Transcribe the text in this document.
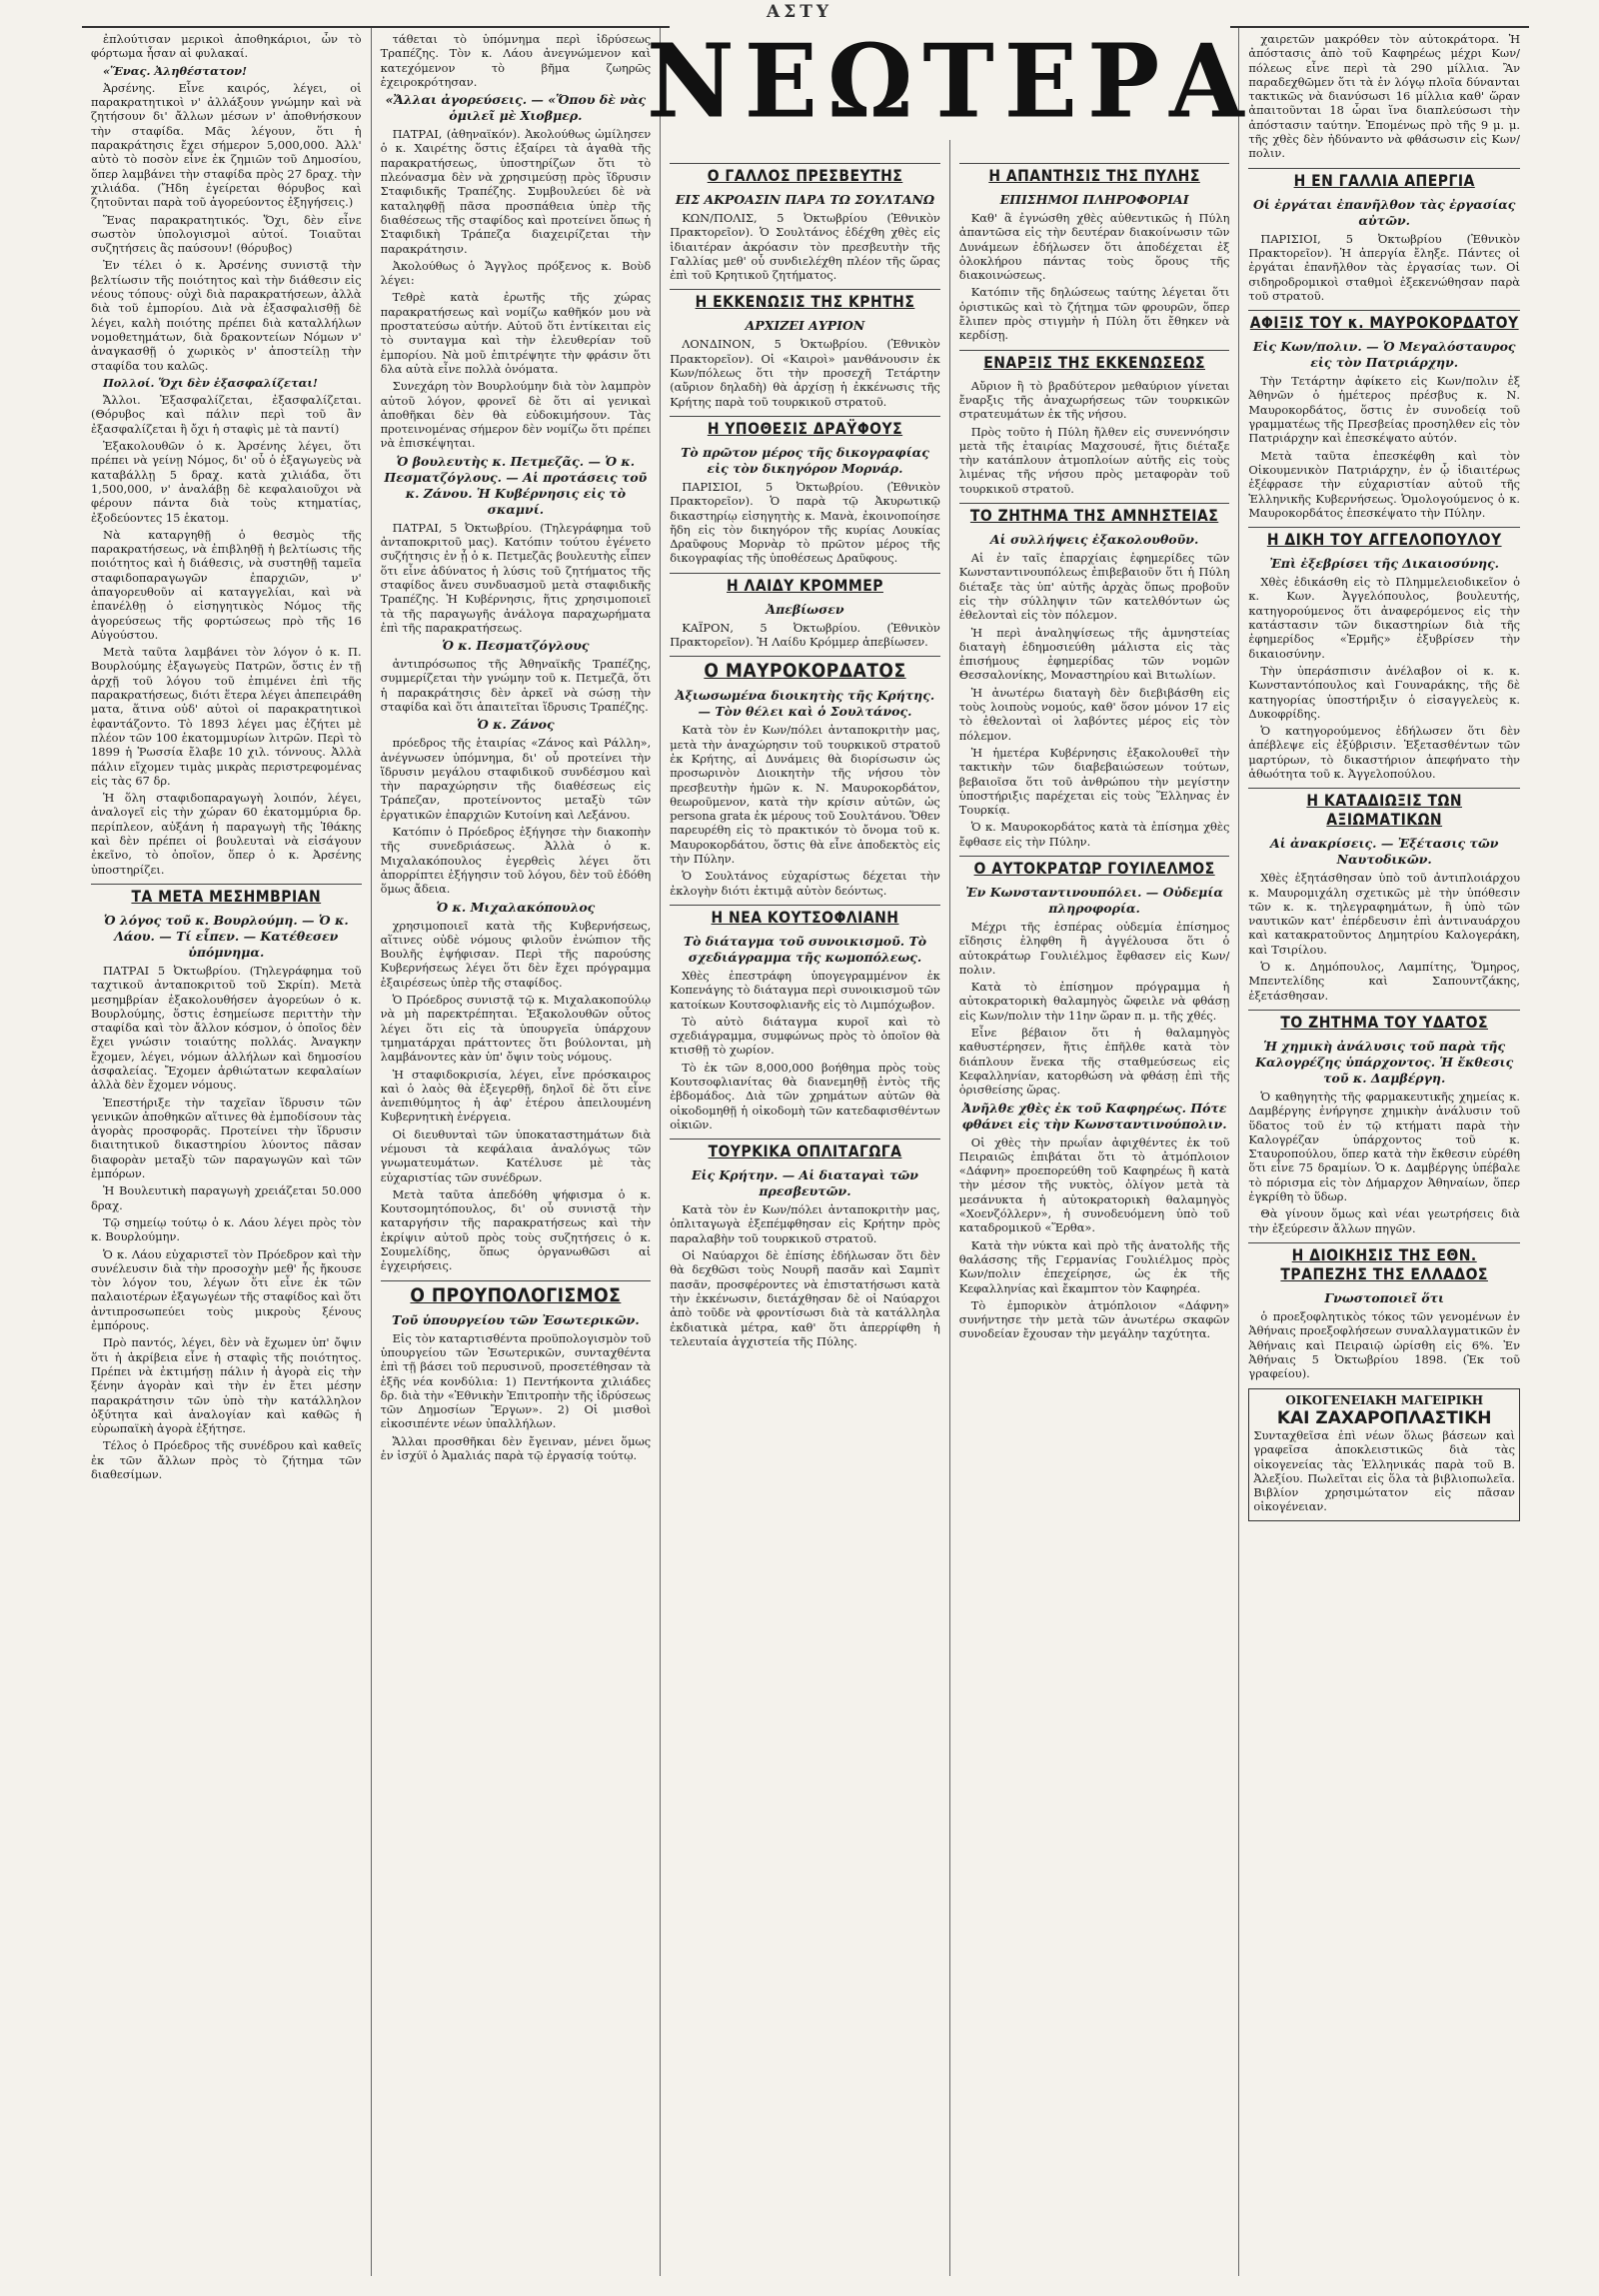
ΑΣΤΥ

ἐπλούτισαν μερικοὶ ἀποθηκάριοι, ὧν τὸ φόρτωμα ἦσαν αἱ φυλακαί.

«Ἕνας. Ἀληθέστατον!

Ἀρσένης. Εἶνε καιρός, λέγει, οἱ παρακρατητικοὶ ν' ἀλλάξουν γνώμην καὶ νὰ ζητήσουν δι' ἄλλων μέσων ν' ἀποθνήσκουν τὴν σταφίδα. Μᾶς λέγουν, ὅτι ἡ παρακράτησις ἔχει σήμερον 5,000,000. Ἀλλ' αὐτὸ τὸ ποσὸν εἶνε ἐκ ζημιῶν τοῦ Δημοσίου, ὅπερ λαμβάνει τὴν σταφίδα πρὸς 27 δραχ. τὴν χιλιάδα. (Ἤδη ἐγείρεται θόρυβος καὶ ζητοῦνται παρὰ τοῦ ἀγορεύοντος ἐξηγήσεις.)

Ἕνας παρακρατητικός. Ὅχι, δὲν εἶνε σωστὸν ὑπολογισμοὶ αὐτοί. Τοιαῦται συζητήσεις ἂς παύσουν! (θόρυβος)

Ἐν τέλει ὁ κ. Ἀρσένης συνιστᾷ τὴν βελτίωσιν τῆς ποιότητος καὶ τὴν διάθεσιν εἰς νέους τόπους· οὐχὶ διὰ παρακρατήσεων, ἀλλὰ διὰ τοῦ ἐμπορίου. Διὰ νὰ ἐξασφαλισθῇ δὲ λέγει, καλὴ ποιότης πρέπει διὰ καταλλήλων νομοθετημάτων, διὰ δρακοντείων Νόμων ν' ἀναγκασθῇ ὁ χωρικὸς ν' ἀποστείλῃ τὴν σταφίδα του καλῶς.

Πολλοί. Ὅχι δὲν ἐξασφαλίζεται!

Ἄλλοι. Ἐξασφαλίζεται, ἐξασφαλίζεται. (Θόρυβος καὶ πάλιν περὶ τοῦ ἂν ἐξασφαλίζεται ἢ ὄχι ἡ σταφὶς μὲ τὰ παντί)

Ἐξακολουθῶν ὁ κ. Ἀρσένης λέγει, ὅτι πρέπει νὰ γείνῃ Νόμος, δι' οὗ ὁ ἐξαγωγεὺς νὰ καταβάλλῃ 5 δραχ. κατὰ χιλιάδα, ὅτι 1,500,000, ν' ἀναλάβῃ δὲ κεφαλαιοῦχοι νὰ φέρουν πάντα διὰ τοὺς κτηματίας, ἐξοδεύοντες 15 ἑκατομ.

Νὰ καταργηθῇ ὁ θεσμὸς τῆς παρακρατήσεως, νὰ ἐπιβληθῇ ἡ βελτίωσις τῆς ποιότητος καὶ ἡ διάθεσις, νὰ συστηθῇ ταμεῖα σταφιδοπαραγωγῶν ἐπαρχιῶν, ν' ἀπαγορευθοῦν αἱ καταγγελίαι, καὶ νὰ ἐπανέλθῃ ὁ εἰσηγητικὸς Νόμος τῆς ἀγορεύσεως τῆς φορτώσεως πρὸ τῆς 16 Αὐγούστου.

Μετὰ ταῦτα λαμβάνει τὸν λόγον ὁ κ. Π. Βουρλούμης ἐξαγωγεὺς Πατρῶν, ὅστις ἐν τῇ ἀρχῇ τοῦ λόγου τοῦ ἐπιμένει ἐπὶ τῆς παρακρατήσεως, διότι ἕτερα λέγει ἀπεπειράθη ματα, ἅτινα οὐδ' αὐτοὶ οἱ παρακρατητικοὶ ἐφαντάζοντο. Τὸ 1893 λέγει μας ἐζήτει μὲ πλέον τῶν 100 ἑκατομμυρίων λιτρῶν. Περὶ τὸ 1899 ἡ Ῥωσσία ἔλαβε 10 χιλ. τόννους. Ἀλλὰ πάλιν εἴχομεν τιμὰς μικρὰς περιστρεφομένας εἰς τὰς 67 δρ.

Ἡ ὅλη σταφιδοπαραγωγὴ λοιπόν, λέγει, ἀναλογεῖ εἰς τὴν χώραν 60 ἑκατομμύρια δρ. περίπλεον, αὐξάνη ἡ παραγωγὴ τῆς Ἰθάκης καὶ δὲν πρέπει οἱ βουλευταὶ νὰ εἰσάγουν ἐκεῖνο, τὸ ὁποῖον, ὅπερ ὁ κ. Ἀρσένης ὑποστηρίζει.

ΤΑ ΜΕΤΑ ΜΕΣΗΜΒΡΙΑΝ
Ὁ λόγος τοῦ κ. Βουρλούμη. — Ὁ κ. Λάου. — Τί εἶπεν. — Κατέθεσεν ὑπόμνημα.

ΠΑΤΡΑΙ 5 Ὀκτωβρίου. (Τηλεγράφημα τοῦ ταχτικοῦ ἀνταποκριτοῦ τοῦ Σκρίπ). Μετὰ μεσημβρίαν ἐξακολουθήσεν ἀγορεύων ὁ κ. Βουρλούμης, ὅστις ἐσημείωσε περιττὴν τὴν σταφίδα καὶ τὸν ἄλλον κόσμον, ὁ ὁποῖος δὲν ἔχει γνώσιν τοιαύτης πολλάς. Ἀναγκην ἔχομεν, λέγει, νόμων ἀλλήλων καὶ δημοσίου ἀσφαλείας. Ἔχομεν ἀρθιώτατων κεφαλαίων ἀλλὰ δὲν ἔχομεν νόμους.

Ἐπεστήριξε τὴν ταχεῖαν ἵδρυσιν τῶν γενικῶν ἀποθηκῶν αἵτινες θὰ ἐμποδίσουν τὰς ἀγορὰς προσφορᾶς. Προτείνει τὴν ἵδρυσιν διαιτητικοῦ δικαστηρίου λύοντος πᾶσαν διαφορὰν μεταξὺ τῶν παραγωγῶν καὶ τῶν ἐμπόρων.

Ἡ Βουλευτικὴ παραγωγὴ χρειάζεται 50.000 δραχ.

Τῷ σημείῳ τούτῳ ὁ κ. Λάου λέγει πρὸς τὸν κ. Βουρλούμην.

Ὁ κ. Λάου εὐχαριστεῖ τὸν Πρόεδρον καὶ τὴν συνέλευσιν διὰ τὴν προσοχὴν μεθ' ἧς ἤκουσε τὸν λόγον του, λέγων ὅτι εἶνε ἐκ τῶν παλαιοτέρων ἐξαγωγέων τῆς σταφίδος καὶ ὅτι ἀντιπροσωπεύει τοὺς μικροὺς ξένους ἐμπόρους.

Πρὸ παντός, λέγει, δὲν νὰ ἔχωμεν ὑπ' ὄψιν ὅτι ἡ ἀκρίβεια εἶνε ἡ σταφὶς τῆς ποιότητος. Πρέπει νὰ ἐκτιμήσῃ πάλιν ἡ ἀγορὰ εἰς τὴν ξένην ἀγορὰν καὶ τὴν ἐν ἔτει μέσην παρακράτησιν τῶν ὑπὸ τὴν κατάλληλον ὀξύτητα καὶ ἀναλογίαν καὶ καθῶς ἡ εὐρωπαϊκὴ ἀγορὰ ἐξήτησε.

Τέλος ὁ Πρόεδρος τῆς συνέδρου καὶ καθεῖς ἐκ τῶν ἄλλων πρὸς τὸ ζήτημα τῶν διαθεσίμων.

τάθεται τὸ ὑπόμνημα περὶ ἱδρύσεως Τραπέζης. Τὸν κ. Λάου ἀνεγνώμενον καὶ κατεχόμενον τὸ βῆμα ζωηρῶς ἐχειροκρότησαν.

«Ἄλλαι ἀγορεύσεις. — «Ὅπου δὲ νὰς ὁμιλεῖ μὲ Χιοβμερ.

ΠΑΤΡΑΙ, (ἀθηναϊκόν). Ἀκολούθως ὡμίλησεν ὁ κ. Χαιρέτης ὅστις ἐξαίρει τὰ ἀγαθὰ τῆς παρακρατήσεως, ὑποστηρίζων ὅτι τὸ πλεόνασμα δὲν νὰ χρησιμεύσῃ πρὸς ἵδρυσιν Σταφιδικῆς Τραπέζης. Συμβουλεύει δὲ νὰ καταληφθῇ πᾶσα προσπάθεια ὑπὲρ τῆς διαθέσεως τῆς σταφίδος καὶ προτείνει ὅπως ἡ Σταφιδικὴ Τράπεζα διαχειρίζεται τὴν παρακράτησιν.

Ἀκολούθως ὁ Ἄγγλος πρόξενος κ. Βοὺδ λέγει:

Τεθρὲ κατὰ ἐρωτῆς τῆς χώρας παρακρατήσεως καὶ νομίζω καθῆκόν μου νὰ προστατεύσω αὐτήν. Αὐτοῦ ὅτι ἐντίκειται εἰς τὸ συνταγμα καὶ τὴν ἐλευθερίαν τοῦ ἐμπορίου. Νὰ μοῦ ἐπιτρέψητε τὴν φράσιν ὅτι δλα αὐτὰ εἶνε πολλὰ ὀνόματα.

Συνεχάρη τὸν Βουρλούμην διὰ τὸν λαμπρὸν αὐτοῦ λόγον, φρονεῖ δὲ ὅτι αἱ γενικαὶ ἀποθῆκαι δὲν θὰ εὐδοκιμήσουν. Τὰς προτεινομένας σήμερον δὲν νομίζω ὅτι πρέπει νὰ ἐπισκέψηται.

Ὁ βουλευτὴς κ. Πετμεζᾶς. — Ὁ κ. Πεσματζόγλους. — Αἱ προτάσεις τοῦ κ. Ζάνου. Ἡ Κυβέρνησις εἰς τὸ σκαμνί.

ΠΑΤΡΑΙ, 5 Ὀκτωβρίου. (Τηλεγράφημα τοῦ ἀνταποκριτοῦ μας). Κατόπιν τούτου ἐγένετο συζήτησις ἐν ᾗ ὁ κ. Πετμεζᾶς βουλευτὴς εἶπεν ὅτι εἶνε ἀδύνατος ἡ λύσις τοῦ ζητήματος τῆς σταφίδος ἄνευ συνδυασμοῦ μετὰ σταφιδικῆς Τραπέζης. Ἡ Κυβέρνησις, ἥτις χρησιμοποιεῖ τὰ τῆς παραγωγῆς ἀνάλογα παραχωρήματα ἐπὶ τῆς παρακρατήσεως.

Ὁ κ. Πεσματζόγλους

ἀντιπρόσωπος τῆς Ἀθηναϊκῆς Τραπέζης, συμμερίζεται τὴν γνώμην τοῦ κ. Πετμεζᾶ, ὅτι ἡ παρακράτησις δὲν ἀρκεῖ νὰ σώσῃ τὴν σταφίδα καὶ ὅτι ἀπαιτεῖται ἵδρυσις Τραπέζης.

Ὁ κ. Ζάνος

πρόεδρος τῆς ἑταιρίας «Ζάνος καὶ Ράλλη», ἀνέγνωσεν ὑπόμνημα, δι' οὗ προτείνει τὴν ἵδρυσιν μεγάλου σταφιδικοῦ συνδέσμου καὶ τὴν παραχώρησιν τῆς διαθέσεως εἰς Τράπεζαν, προτείνοντος μεταξὺ τῶν ἐργατικῶν ἐπαρχιῶν Κυτοίνη καὶ Λεξάνου.

Κατόπιν ὁ Πρόεδρος ἐξήγησε τὴν διακοπὴν τῆς συνεδριάσεως. Ἀλλὰ ὁ κ. Μιχαλακόπουλος ἐγερθεὶς λέγει ὅτι ἀπορρίπτει ἐξήγησιν τοῦ λόγου, δὲν τοῦ ἐδόθη ὅμως ἄδεια.

Ὁ κ. Μιχαλακόπουλος

χρησιμοποιεῖ κατὰ τῆς Κυβερνήσεως, αἵτινες οὐδὲ νόμους φιλοῦν ἐνώπιον τῆς Βουλῆς ἐψήφισαν. Περὶ τῆς παρούσης Κυβερνήσεως λέγει ὅτι δὲν ἔχει πρόγραμμα ἐξαιρέσεως ὑπὲρ τῆς σταφίδος.

Ὁ Πρόεδρος συνιστᾷ τῷ κ. Μιχαλακοπούλῳ νὰ μὴ παρεκτρέπηται. Ἐξακολουθῶν οὗτος λέγει ὅτι εἰς τὰ ὑπουργεῖα ὑπάρχουν τμηματάρχαι πράττοντες ὅτι βούλονται, μὴ λαμβάνοντες κὰν ὑπ' ὄψιν τοὺς νόμους.

Ἡ σταφιδοκρισία, λέγει, εἶνε πρόσκαιρος καὶ ὁ λαὸς θὰ ἐξεγερθῇ, δηλοῖ δὲ ὅτι εἶνε ἀνεπιθύμητος ἡ ἀφ' ἑτέρου ἀπειλουμένη Κυβερνητικὴ ἐνέργεια.

Οἱ διευθυνταὶ τῶν ὑποκαταστημάτων διὰ νέμουσι τὰ κεφάλαια ἀναλόγως τῶν γνωματευμάτων. Κατέλυσε μὲ τὰς εὐχαριστίας τῶν συνέδρων.

Μετὰ ταῦτα ἀπεδόθη ψήφισμα ὁ κ. Κουτσομητόπουλος, δι' οὗ συνιστᾷ τὴν καταργήσιν τῆς παρακρατήσεως καὶ τὴν ἐκρίψιν αὐτοῦ πρὸς τοὺς συζητήσεις ὁ κ. Σουμελίδης, ὅπως ὀργανωθῶσι αἱ ἐγχειρήσεις.

Ο ΠΡΟΥΠΟΛΟΓΙΣΜΟΣ
Τοῦ ὑπουργείου τῶν Ἐσωτερικῶν.

Εἰς τὸν καταρτισθέντα προϋπολογισμὸν τοῦ ὑπουργείου τῶν Ἐσωτερικῶν, συνταχθέντα ἐπὶ τῇ βάσει τοῦ περυσινοῦ, προσετέθησαν τὰ ἑξῆς νέα κονδύλια: 1) Πεντήκοντα χιλιάδες δρ. διὰ τὴν «Ἐθνικὴν Ἐπιτροπὴν τῆς ἱδρύσεως τῶν Δημοσίων Ἔργων». 2) Οἱ μισθοὶ εἰκοσιπέντε νέων ὑπαλλήλων.

Ἄλλαι προσθῆκαι δὲν ἔγειναν, μένει ὅμως ἐν ἰσχύϊ ὁ Ἀμαλιάς παρὰ τῷ ἐργασίᾳ τούτῳ.

Ο ΓΑΛΛΟΣ ΠΡΕΣΒΕΥΤΗΣ
ΕΙΣ ΑΚΡΟΑΣΙΝ ΠΑΡΑ ΤΩ ΣΟΥΛΤΑΝΩ

ΚΩΝ/ΠΟΛΙΣ, 5 Ὀκτωβρίου (Ἐθνικὸν Πρακτορεῖον). Ὁ Σουλτάνος ἐδέχθη χθὲς εἰς ἰδιαιτέραν ἀκρόασιν τὸν πρεσβευτὴν τῆς Γαλλίας μεθ' οὗ συνδιελέχθη πλέον τῆς ὥρας ἐπὶ τοῦ Κρητικοῦ ζητήματος.

Η ΕΚΚΕΝΩΣΙΣ ΤΗΣ ΚΡΗΤΗΣ
ΑΡΧΙΖΕΙ ΑΥΡΙΟΝ

ΛΟΝΔΙΝΟΝ, 5 Ὀκτωβρίου. (Ἐθνικὸν Πρακτορεῖον). Οἱ «Καιροὶ» μανθάνουσιν ἐκ Κων/πόλεως ὅτι τὴν προσεχῆ Τετάρτην (αὔριον δηλαδὴ) θὰ ἀρχίσῃ ἡ ἐκκένωσις τῆς Κρήτης παρὰ τοῦ τουρκικοῦ στρατοῦ.

Η ΥΠΟΘΕΣΙΣ ΔΡΑΫΦΟΥΣ
Τὸ πρῶτον μέρος τῆς δικογραφίας εἰς τὸν δικηγόρον Μορνάρ.

ΠΑΡΙΣΙΟΙ, 5 Ὀκτωβρίου. (Ἐθνικὸν Πρακτορεῖον). Ὁ παρὰ τῷ Ἀκυρωτικῷ δικαστηρίῳ εἰσηγητὴς κ. Μανὰ, ἐκοινοποίησε ἤδη εἰς τὸν δικηγόρον τῆς κυρίας Λουκίας Δραῦφους Μορνὰρ τὸ πρῶτον μέρος τῆς δικογραφίας τῆς ὑποθέσεως Δραῦφους.

Η ΛΑΙΔΥ ΚΡΟΜΜΕΡ
Ἀπεβίωσεν

ΚΑΪΡΟΝ, 5 Ὀκτωβρίου. (Ἐθνικὸν Πρακτορεῖον). Ἡ Λαίδυ Κρόμμερ ἀπεβίωσεν.

Ο ΜΑΥΡΟΚΟΡΔΑΤΟΣ
Ἀξιωσωμένα διοικητὴς τῆς Κρήτης. — Τὸν θέλει καὶ ὁ Σουλτάνος.

Κατὰ τὸν ἐν Κων/πόλει ἀνταποκριτὴν μας, μετὰ τὴν ἀναχώρησιν τοῦ τουρκικοῦ στρατοῦ ἐκ Κρήτης, αἱ Δυνάμεις θὰ διορίσωσιν ὡς προσωρινὸν Διοικητὴν τῆς νήσου τὸν πρεσβευτὴν ἡμῶν κ. Ν. Μαυροκορδάτον, θεωροῦμενον, κατὰ τὴν κρίσιν αὐτῶν, ὡς persona grata ἐκ μέρους τοῦ Σουλτάνου. Ὅθεν παρευρέθη εἰς τὸ πρακτικόν τὸ ὄνομα τοῦ κ. Μαυροκορδάτου, ὅστις θὰ εἶνε ἀποδεκτὸς εἰς τὴν Πύλην.

Ὁ Σουλτάνος εὐχαρίστως δέχεται τὴν ἐκλογὴν διότι ἐκτιμᾷ αὐτὸν δεόντως.

Η ΝΕΑ ΚΟΥΤΣΟΦΛΙΑΝΗ
Τὸ διάταγμα τοῦ συνοικισμοῦ. Τὸ σχεδιάγραμμα τῆς κωμοπόλεως.

Χθὲς ἐπεστράφη ὑπογεγραμμένον ἐκ Κοπενάγης τὸ διάταγμα περὶ συνοικισμοῦ τῶν κατοίκων Κουτσοφλιανῆς εἰς τὸ Λιμπόχωβον.

Τὸ αὐτὸ διάταγμα κυροῖ καὶ τὸ σχεδιάγραμμα, συμφώνως πρὸς τὸ ὁποῖον θὰ κτισθῇ τὸ χωρίον.

Τὸ ἐκ τῶν 8,000,000 βοήθημα πρὸς τοὺς Κουτσοφλιανίτας θὰ διανεμηθῇ ἐντὸς τῆς ἑβδομάδος. Διὰ τῶν χρημάτων αὐτῶν θὰ οἰκοδομηθῇ ἡ οἰκοδομὴ τῶν κατεδαφισθέντων οἰκιῶν.

ΤΟΥΡΚΙΚΑ ΟΠΛΙΤΑΓΩΓΑ
Εἰς Κρήτην. — Αἱ διαταγαὶ τῶν πρεσβευτῶν.

Κατὰ τὸν ἐν Κων/πόλει ἀνταποκριτὴν μας, ὁπλιταγωγὰ ἐξεπέμφθησαν εἰς Κρήτην πρὸς παραλαβὴν τοῦ τουρκικοῦ στρατοῦ.

Οἱ Ναύαρχοι δὲ ἐπίσης ἐδήλωσαν ὅτι δὲν θὰ δεχθῶσι τοὺς Νουρῆ πασᾶν καὶ Σαμπὶτ πασᾶν, προσφέροντες νὰ ἐπιστατήσωσι κατὰ τὴν ἐκκένωσιν, διετάχθησαν δὲ οἱ Ναύαρχοι ἀπὸ τοῦδε νὰ φροντίσωσι διὰ τὰ κατάλληλα ἐκδιατικὰ μέτρα, καθ' ὅτι ἀπερρίφθη ἡ τελευταία ἀγχιστεία τῆς Πύλης.

Η ΑΠΑΝΤΗΣΙΣ ΤΗΣ ΠΥΛΗΣ
ΕΠΙΣΗΜΟΙ ΠΛΗΡΟΦΟΡΙΑΙ

Καθ' ἃ ἐγνώσθη χθὲς αὐθεντικῶς ἡ Πύλη ἀπαντῶσα εἰς τὴν δευτέραν διακοίνωσιν τῶν Δυνάμεων ἐδήλωσεν ὅτι ἀποδέχεται ἐξ ὁλοκλήρου πάντας τοὺς ὅρους τῆς διακοινώσεως.

Κατόπιν τῆς δηλώσεως ταύτης λέγεται ὅτι ὁριστικῶς καὶ τὸ ζήτημα τῶν φρουρῶν, ὅπερ ἔλιπεν πρὸς στιγμὴν ἡ Πύλη ὅτι ἔθηκεν νὰ κερδίσῃ.

ΕΝΑΡΞΙΣ ΤΗΣ ΕΚΚΕΝΩΣΕΩΣ

Αὔριον ἢ τὸ βραδύτερον μεθαύριον γίνεται ἔναρξις τῆς ἀναχωρήσεως τῶν τουρκικῶν στρατευμάτων ἐκ τῆς νήσου.

Πρὸς τοῦτο ἡ Πύλη ἤλθεν εἰς συνεννόησιν μετὰ τῆς ἑταιρίας Μαχσουσέ, ἥτις διέταξε τὴν κατάπλουν ἀτμοπλοίων αὐτῆς εἰς τοὺς λιμένας τῆς νήσου πρὸς μεταφορὰν τοῦ τουρκικοῦ στρατοῦ.

ΤΟ ΖΗΤΗΜΑ ΤΗΣ ΑΜΝΗΣΤΕΙΑΣ
Αἱ συλλήψεις ἐξακολουθοῦν.

Αἱ ἐν ταῖς ἐπαρχίαις ἐφημερίδες τῶν Κωνσταντινουπόλεως ἐπιβεβαιοῦν ὅτι ἡ Πύλη διέταξε τὰς ὑπ' αὐτῆς ἀρχὰς ὅπως προβοῦν εἰς τὴν σύλληψιν τῶν κατελθόντων ὡς ἐθελονταὶ εἰς τὸν πόλεμον.

Ἡ περὶ ἀναληψίσεως τῆς ἀμνηστείας διαταγὴ ἐδημοσιεύθη μάλιστα εἰς τὰς ἐπισήμους ἐφημερίδας τῶν νομῶν Θεσσαλονίκης, Μοναστηρίου καὶ Βιτωλίων.

Ἡ ἀνωτέρω διαταγὴ δὲν διεβιβάσθη εἰς τοὺς λοιποὺς νομούς, καθ' ὅσον μόνον 17 εἰς τὸ ἐθελονταὶ οἱ λαβόντες μέρος εἰς τὸν πόλεμον.

Ἡ ἡμετέρα Κυβέρνησις ἐξακολουθεῖ τὴν τακτικὴν τῶν διαβεβαιώσεων τούτων, βεβαιοῖσα ὅτι τοῦ ἀνθρώπου τὴν μεγίστην ὑποστήριξις παρέχεται εἰς τοὺς Ἕλληνας ἐν Τουρκίᾳ.

Ὁ κ. Μαυροκορδάτος κατὰ τὰ ἐπίσημα χθὲς ἔφθασε εἰς τὴν Πύλην.

Ο ΑΥΤΟΚΡΑΤΩΡ ΓΟΥΙΛΕΛΜΟΣ
Ἐν Κωνσταντινουπόλει. — Οὐδεμία πληροφορία.

Μέχρι τῆς ἑσπέρας οὐδεμία ἐπίσημος εἴδησις ἐληφθη ἢ ἀγγέλουσα ὅτι ὁ αὐτοκράτωρ Γουλιέλμος ἔφθασεν εἰς Κων/πολιν.

Κατὰ τὸ ἐπίσημον πρόγραμμα ἡ αὐτοκρατορικὴ θαλαμηγὸς ὤφειλε νὰ φθάσῃ εἰς Κων/πολιν τὴν 11ην ὥραν π. μ. τῆς χθές.

Εἶνε βέβαιον ὅτι ἡ θαλαμηγὸς καθυστέρησεν, ἥτις ἐπῆλθε κατὰ τὸν διάπλουν ἕνεκα τῆς σταθμεύσεως εἰς Κεφαλληνίαν, κατορθώση νὰ φθάσῃ ἐπὶ τῆς ὁρισθείσης ὥρας.

Ἀνῆλθε χθὲς ἐκ τοῦ Καφηρέως. Πότε φθάνει εἰς τὴν Κωνσταντινούπολιν.

Οἱ χθὲς τὴν πρωΐαν ἀφιχθέντες ἐκ τοῦ Πειραιῶς ἐπιβάται ὅτι τὸ ἀτμόπλοιον «Δάφνη» προεπορεύθη τοῦ Καφηρέως ἢ κατὰ τὴν μέσον τῆς νυκτὸς, ὀλίγον μετὰ τὰ μεσάνυκτα ἡ αὐτοκρατορικὴ θαλαμηγὸς «Χοενζόλλερν», ἡ συνοδευόμενη ὑπὸ τοῦ καταδρομικοῦ «Ἕρθα».

Κατὰ τὴν νύκτα καὶ πρὸ τῆς ἀνατολῆς τῆς θαλάσσης τῆς Γερμανίας Γουλιέλμος πρὸς Κων/πολιν ἐπεχείρησε, ὡς ἐκ τῆς Κεφαλληνίας καὶ ἔκαμπτον τὸν Καφηρέα.

Τὸ ἐμπορικὸν ἀτμόπλοιον «Δάφνη» συνήντησε τὴν μετὰ τῶν ἀνωτέρω σκαφῶν συνοδείαν ἔχουσαν τὴν μεγάλην ταχύτητα.

χαιρετῶν μακρόθεν τὸν αὐτοκράτορα. Ἡ ἀπόστασις ἀπὸ τοῦ Καφηρέως μέχρι Κων/πόλεως εἶνε περὶ τὰ 290 μίλλια. Ἂν παραδεχθῶμεν ὅτι τὰ ἐν λόγῳ πλοῖα δύνανται τακτικῶς νὰ διανύσωσι 16 μίλλια καθ' ὥραν ἀπαιτοῦνται 18 ὧραι ἵνα διαπλεύσωσι τὴν ἀπόστασιν ταύτην. Ἑπομένως πρὸ τῆς 9 μ. μ. τῆς χθὲς δὲν ἠδύναντο νὰ φθάσωσιν εἰς Κων/πολιν.

Η ΕΝ ΓΑΛΛΙΑ ΑΠΕΡΓΙΑ
Οἱ ἐργάται ἐπανῆλθον τὰς ἐργασίας αὐτῶν.

ΠΑΡΙΣΙΟΙ, 5 Ὀκτωβρίου (Ἐθνικὸν Πρακτορεῖον). Ἡ ἀπεργία ἔληξε. Πάντες οἱ ἐργάται ἐπανῆλθον τὰς ἐργασίας των. Οἱ σιδηροδρομικοὶ σταθμοὶ ἐξεκενώθησαν παρὰ τοῦ στρατοῦ.

ΑΦΙΞΙΣ ΤΟΥ κ. ΜΑΥΡΟΚΟΡΔΑΤΟΥ
Εἰς Κων/πολιν. — Ὁ Μεγαλόσταυρος εἰς τὸν Πατριάρχην.

Τὴν Τετάρτην ἀφίκετο εἰς Κων/πολιν ἐξ Ἀθηνῶν ὁ ἡμέτερος πρέσβυς κ. Ν. Μαυροκορδάτος, ὅστις ἐν συνοδείᾳ τοῦ γραμματέως τῆς Πρεσβείας προσηλθεν εἰς τὸν Πατριάρχην καὶ ἐπεσκέψατο αὐτόν.

Μετὰ ταῦτα ἐπεσκέφθη καὶ τὸν Οἰκουμενικὸν Πατριάρχην, ἐν ᾧ ἰδιαιτέρως ἐξέφρασε τὴν εὐχαριστίαν αὐτοῦ τῆς Ἑλληνικῆς Κυβερνήσεως. Ὁμολογούμενος ὁ κ. Μαυροκορδάτος ἐπεσκέψατο τὴν Πύλην.

Η ΔΙΚΗ ΤΟΥ ΑΓΓΕΛΟΠΟΥΛΟΥ
Ἐπὶ ἐξεβρίσει τῆς Δικαιοσύνης.

Χθὲς ἐδικάσθη εἰς τὸ Πλημμελειοδικεῖον ὁ κ. Κων. Ἀγγελόπουλος, βουλευτής, κατηγορούμενος ὅτι ἀναφερόμενος εἰς τὴν κατάστασιν τῶν δικαστηρίων διὰ τῆς ἐφημερίδος «Ἑρμῆς» ἐξυβρίσεν τὴν δικαιοσύνην.

Τὴν ὑπεράσπισιν ἀνέλαβον οἱ κ. κ. Κωνσταντόπουλος καὶ Γουναράκης, τῆς δὲ κατηγορίας ὑποστήριξιν ὁ εἰσαγγελεὺς κ. Δυκοφρίδης.

Ὁ κατηγορούμενος ἐδήλωσεν ὅτι δὲν ἀπέβλεψε εἰς ἐξύβρισιν. Ἐξετασθέντων τῶν μαρτύρων, τὸ δικαστήριον ἀπεφήνατο τὴν ἀθωότητα τοῦ κ. Ἀγγελοπούλου.

Η ΚΑΤΑΔΙΩΞΙΣ ΤΩΝ ΑΞΙΩΜΑΤΙΚΩΝ
Αἱ ἀνακρίσεις. — Ἐξέτασις τῶν Ναυτοδικῶν.

Χθὲς ἐξητάσθησαν ὑπὸ τοῦ ἀντιπλοιάρχου κ. Μαυρομιχάλη σχετικῶς μὲ τὴν ὑπόθεσιν τῶν κ. κ. τηλεγραφημάτων, ἢ ὑπὸ τῶν ναυτικῶν κατ' ἐπέρδευσιν ἐπὶ ἀντιναυάρχου καὶ κατακρατοῦντος Δημητρίου Καλογεράκη, καὶ Τσιρίλου.

Ὁ κ. Δημόπουλος, Λαμπίτης, Ὅμηρος, Μπεντελίδης καὶ Σαπουντζάκης, ἐξετάσθησαν.

ΤΟ ΖΗΤΗΜΑ ΤΟΥ ΥΔΑΤΟΣ
Ἡ χημικὴ ἀνάλυσις τοῦ παρὰ τῆς Καλογρέζης ὑπάρχοντος. Ἡ ἔκθεσις τοῦ κ. Δαμβέργη.

Ὁ καθηγητὴς τῆς φαρμακευτικῆς χημείας κ. Δαμβέργης ἐνήργησε χημικὴν ἀνάλυσιν τοῦ ὕδατος τοῦ ἐν τῷ κτήματι παρὰ τὴν Καλογρέζαν ὑπάρχοντος τοῦ κ. Σταυροπούλου, ὅπερ κατὰ τὴν ἔκθεσιν εὑρέθη ὅτι εἶνε 75 δραμίων. Ὁ κ. Δαμβέργης ὑπέβαλε τὸ πόρισμα εἰς τὸν Δήμαρχον Ἀθηναίων, ὅπερ ἐγκρίθη τὸ ὕδωρ.

Θὰ γίνουν ὅμως καὶ νέαι γεωτρήσεις διὰ τὴν ἐξεύρεσιν ἄλλων πηγῶν.

Η ΔΙΟΙΚΗΣΙΣ ΤΗΣ ΕΘΝ. ΤΡΑΠΕΖΗΣ ΤΗΣ ΕΛΛΑΔΟΣ
Γνωστοποιεῖ ὅτι

ὁ προεξοφλητικὸς τόκος τῶν γενομένων ἐν Ἀθήναις προεξοφλήσεων συναλλαγματικῶν ἐν Ἀθήναις καὶ Πειραιῷ ὡρίσθη εἰς 6%. Ἐν Ἀθήναις 5 Ὀκτωβρίου 1898. (Ἐκ τοῦ γραφείου).

ΟΙΚΟΓΕΝΕΙΑΚΗ ΜΑΓΕΙΡΙΚΗ
ΚΑΙ ΖΑΧΑΡΟΠΛΑΣΤΙΚΗ
Συνταχθεῖσα ἐπὶ νέων ὅλως βάσεων καὶ γραφεῖσα ἀποκλειστικῶς διὰ τὰς οἰκογενείας τὰς Ἑλληνικάς παρὰ τοῦ Β. Ἀλεξίου. Πωλεῖται εἰς ὅλα τὰ βιβλιοπωλεῖα. Βιβλίον χρησιμώτατον εἰς πᾶσαν οἰκογένειαν.
ΝΕΩΤΕΡΑ
